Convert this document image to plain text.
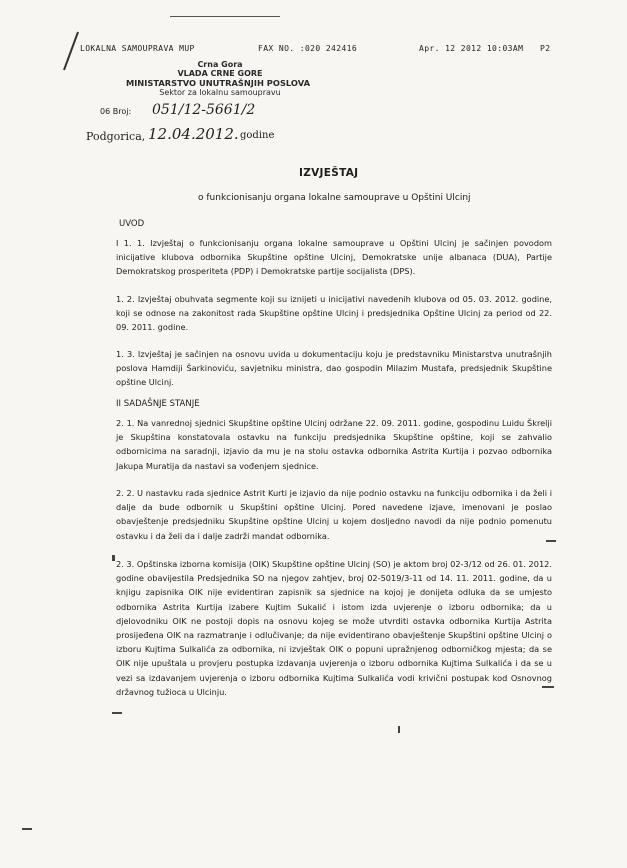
LOKALNA SAMOUPRAVA MUP	FAX NO. :020 242416	Apr. 12 2012 10:03AM P2
Crna Gora
VLADA CRNE GORE
MINISTARSTVO UNUTRAŠNJIH POSLOVA
Sektor za lokalnu samoupravu
06 Broj: 051/12-5661/2
Podgorica, 12.04.2012. godine
IZVJEŠTAJ
o funkcionisanju organa lokalne samouprave u Opštini Ulcinj
UVOD
I 1. 1. Izvještaj o funkcionisanju organa lokalne samouprave u Opštini Ulcinj je sačinjen povodom inicijative klubova odbornika Skupštine opštine Ulcinj, Demokratske unije albanaca (DUA), Partije Demokratskog prosperiteta (PDP) i Demokratske partije socijalista (DPS).
1. 2. Izvještaj obuhvata segmente koji su iznijeti u inicijativi navedenih klubova od 05. 03. 2012. godine, koji se odnose na zakonitost rada Skupštine opštine Ulcinj i predsjednika Opštine Ulcinj za period od 22. 09. 2011. godine.
1. 3. Izvještaj je sačinjen na osnovu uvida u dokumentaciju koju je predstavniku Ministarstva unutrašnjih poslova Hamdiji Šarkinoviću, savjetniku ministra, dao gospodin Milazim Mustafa, predsjednik Skupštine opštine Ulcinj.
II SADAŠNJE STANJE
2. 1. Na vanrednoj sjednici Skupštine opštine Ulcinj održane 22. 09. 2011. godine, gospodinu Luidu Škrelji je Skupština konstatovala ostavku na funkciju predsjednika Skupštine opštine, koji se zahvalio odbornicima na saradnji, izjavio da mu je na stolu ostavka odbornika Astrita Kurtija i pozvao odbornika Jakupa Muratija da nastavi sa vođenjem sjednice.
2. 2. U nastavku rada sjednice Astrit Kurti je izjavio da nije podnio ostavku na funkciju odbornika i da želi i dalje da bude odbornik u Skupštini opštine Ulcinj. Pored navedene izjave, imenovani je poslao obavještenje predsjedniku Skupštine opštine Ulcinj u kojem dosljedno navodi da nije podnio pomenutu ostavku i da želi da i dalje zadrži mandat odbornika.
2. 3. Opštinska izborna komisija (OIK) Skupštine opštine Ulcinj (SO) je aktom broj 02-3/12 od 26. 01. 2012. godine obavijestila Predsjednika SO na njegov zahtjev, broj 02-5019/3-11 od 14. 11. 2011. godine, da u knjigu zapisnika OIK nije evidentiran zapisnik sa sjednice na kojoj je donijeta odluka da se umjesto odbornika Astrita Kurtija izabere Kujtim Sukalić i istom izda uvjerenje o izboru odbornika; da u djelovodniku OIK ne postoji dopis na osnovu kojeg se može utvrditi ostavka odbornika Kurtija Astrita prosijeđena OIK na razmatranje i odlučivanje; da nije evidentirano obavještenje Skupštini opštine Ulcinj o izboru Kujtima Sulkalića za odbornika, ni izvještak OIK o popuni upražnjenog odborničkog mjesta; da se OIK nije upuštala u provjeru postupka izdavanja uvjerenja o izboru odbornika Kujtima Sulkalića i da se u vezi sa izdavanjem uvjerenja o izboru odbornika Kujtima Sulkalića vodi krivični postupak kod Osnovnog državnog tužioca u Ulcinju.
